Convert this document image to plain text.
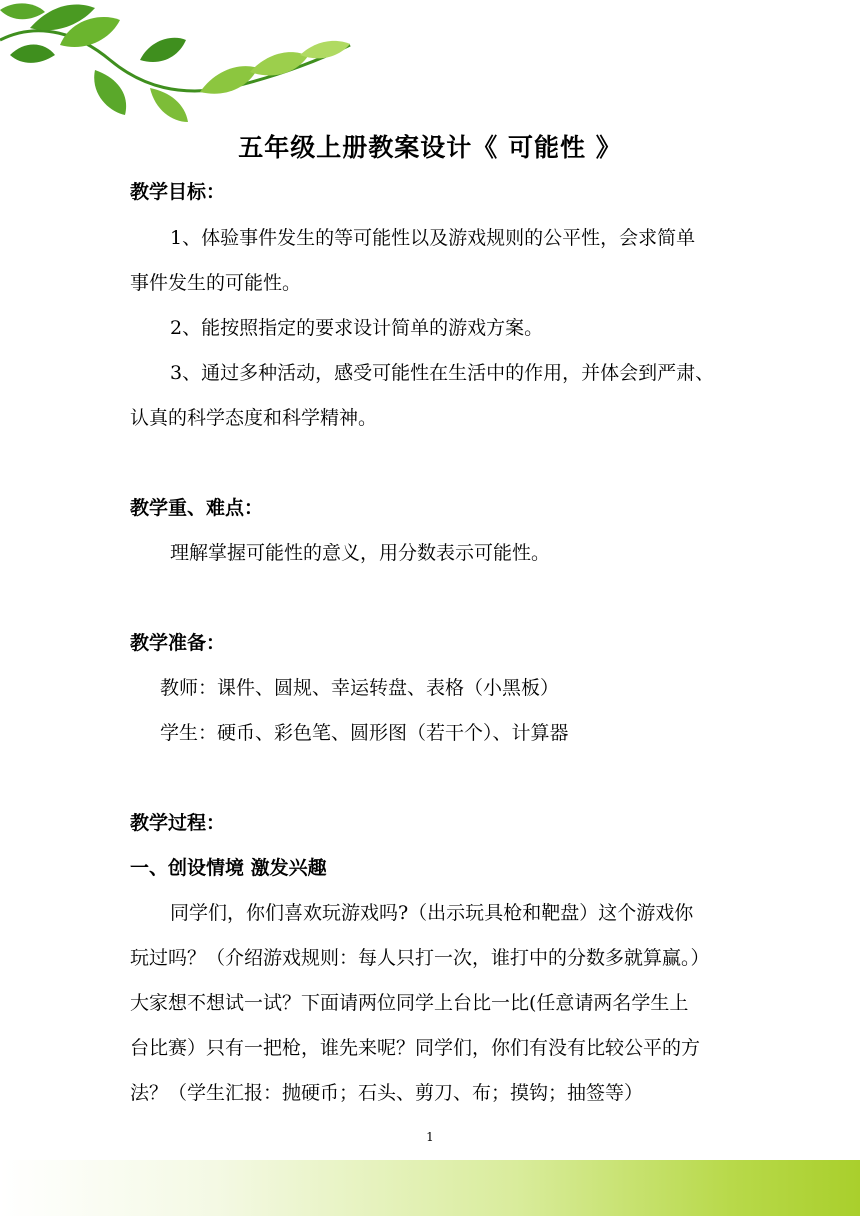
五年级上册教案设计《 可能性 》
教学目标：
1、体验事件发生的等可能性以及游戏规则的公平性，会求简单
事件发生的可能性。
2、能按照指定的要求设计简单的游戏方案。
3、通过多种活动，感受可能性在生活中的作用，并体会到严肃、
认真的科学态度和科学精神。
教学重、难点：
理解掌握可能性的意义，用分数表示可能性。
教学准备：
教师：课件、圆规、幸运转盘、表格（小黑板）
学生：硬币、彩色笔、圆形图（若干个）、计算器
教学过程：
一、创设情境 激发兴趣
同学们，你们喜欢玩游戏吗?（出示玩具枪和靶盘）这个游戏你
玩过吗？（介绍游戏规则：每人只打一次，谁打中的分数多就算赢。）
大家想不想试一试？下面请两位同学上台比一比(任意请两名学生上
台比赛）只有一把枪，谁先来呢？同学们，你们有没有比较公平的方
法？（学生汇报：抛硬币；石头、剪刀、布；摸钩；抽签等）
1
